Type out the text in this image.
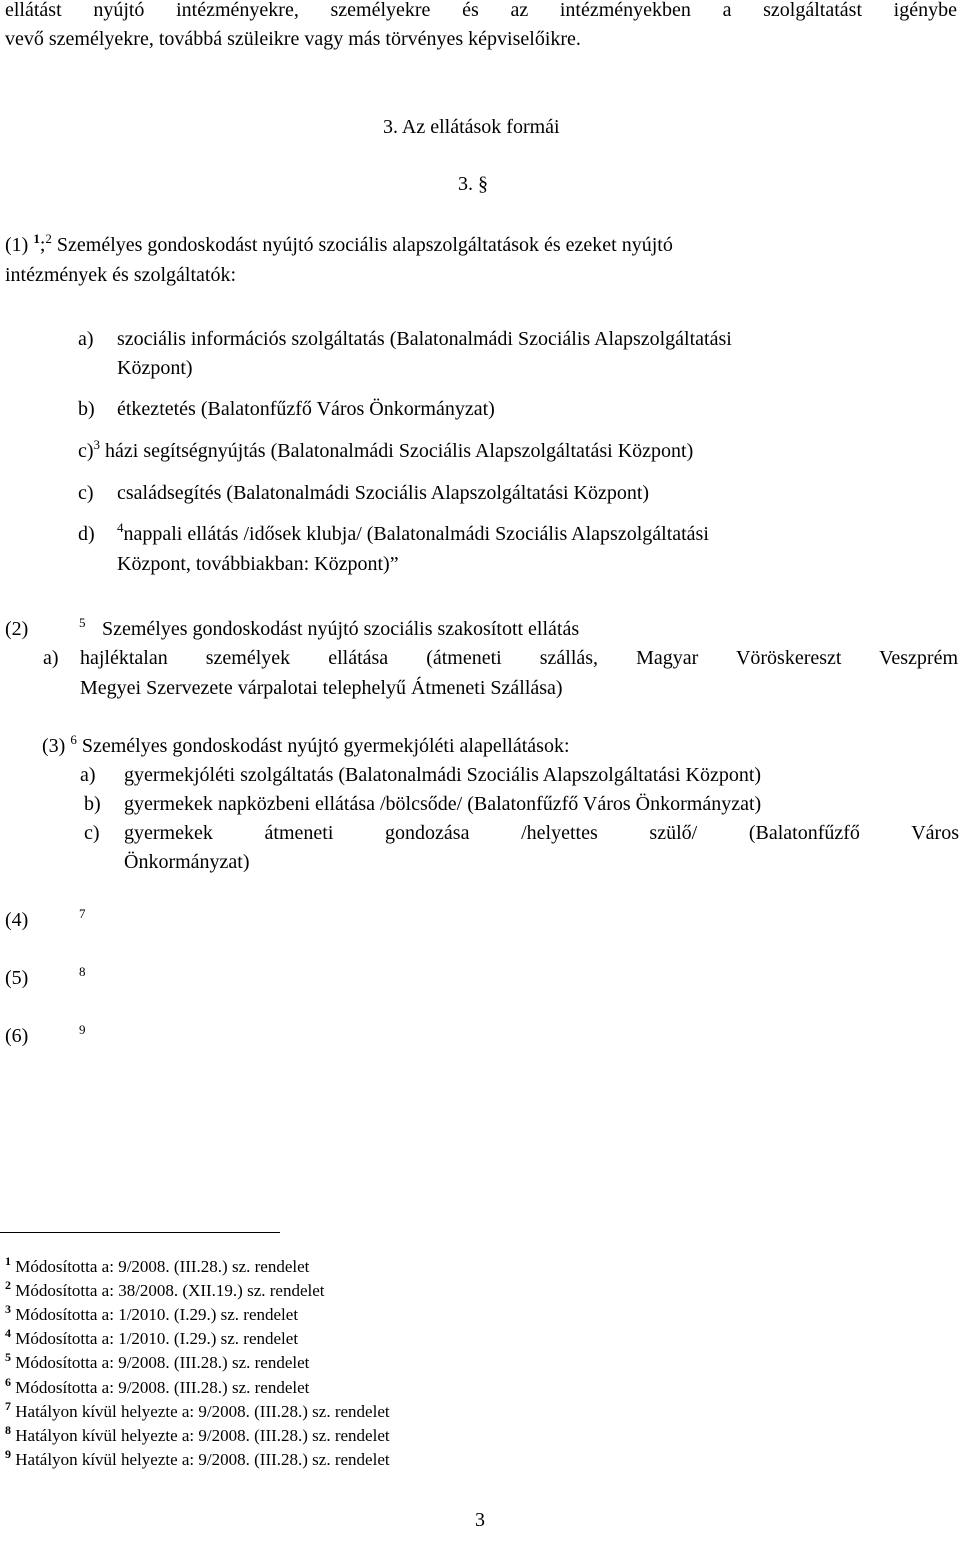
ellátást nyújtó intézményekre, személyekre és az intézményekben a szolgáltatást igénybe
vevő személyekre, továbbá szüleikre vagy más törvényes képviselőikre.
3. Az ellátások formái
3. §
(1) $^1$;$^2$ Személyes gondoskodást nyújtó szociális alapszolgáltatások és ezeket nyújtó
intézmények és szolgáltatók:
a) szociális információs szolgáltatás (Balatonalmádi Szociális Alapszolgáltatási
Központ)
b) étkeztetés (Balatonfűzfő Város Önkormányzat)
c)$^3$ házi segítségnyújtás (Balatonalmádi Szociális Alapszolgáltatási Központ)
c) családsegítés (Balatonalmádi Szociális Alapszolgáltatási Központ)
d) $^4$nappali ellátás /idősek klubja/ (Balatonalmádi Szociális Alapszolgáltatási
Központ, továbbiakban: Központ)”
(2)	$^5$ Személyes gondoskodást nyújtó szociális szakosított ellátás
a) hajléktalan személyek ellátása (átmeneti szállás, Magyar Vöröskereszt Veszprém
Megyei Szervezete várpalotai telephelyű Átmeneti Szállása)
(3) $^6$ Személyes gondoskodást nyújtó gyermekjóléti alapellátások:
a) gyermekjóléti szolgáltatás (Balatonalmádi Szociális Alapszolgáltatási Központ)
b) gyermekek napközbeni ellátása /bölcsőde/ (Balatonfűzfő Város Önkormányzat)
c) gyermekek átmeneti gondozása /helyettes szülő/ (Balatonfűzfő Város
Önkormányzat)
(4)	$^7$
(5)	$^8$
(6)	$^9$
$^1$ Módosította a: 9/2008. (III.28.) sz. rendelet
$^2$ Módosította a: 38/2008. (XII.19.) sz. rendelet
$^3$ Módosította a: 1/2010. (I.29.) sz. rendelet
$^4$ Módosította a: 1/2010. (I.29.) sz. rendelet
$^5$ Módosította a: 9/2008. (III.28.) sz. rendelet
$^6$ Módosította a: 9/2008. (III.28.) sz. rendelet
$^7$ Hatályon kívül helyezte a: 9/2008. (III.28.) sz. rendelet
$^8$ Hatályon kívül helyezte a: 9/2008. (III.28.) sz. rendelet
$^9$ Hatályon kívül helyezte a: 9/2008. (III.28.) sz. rendelet
3
